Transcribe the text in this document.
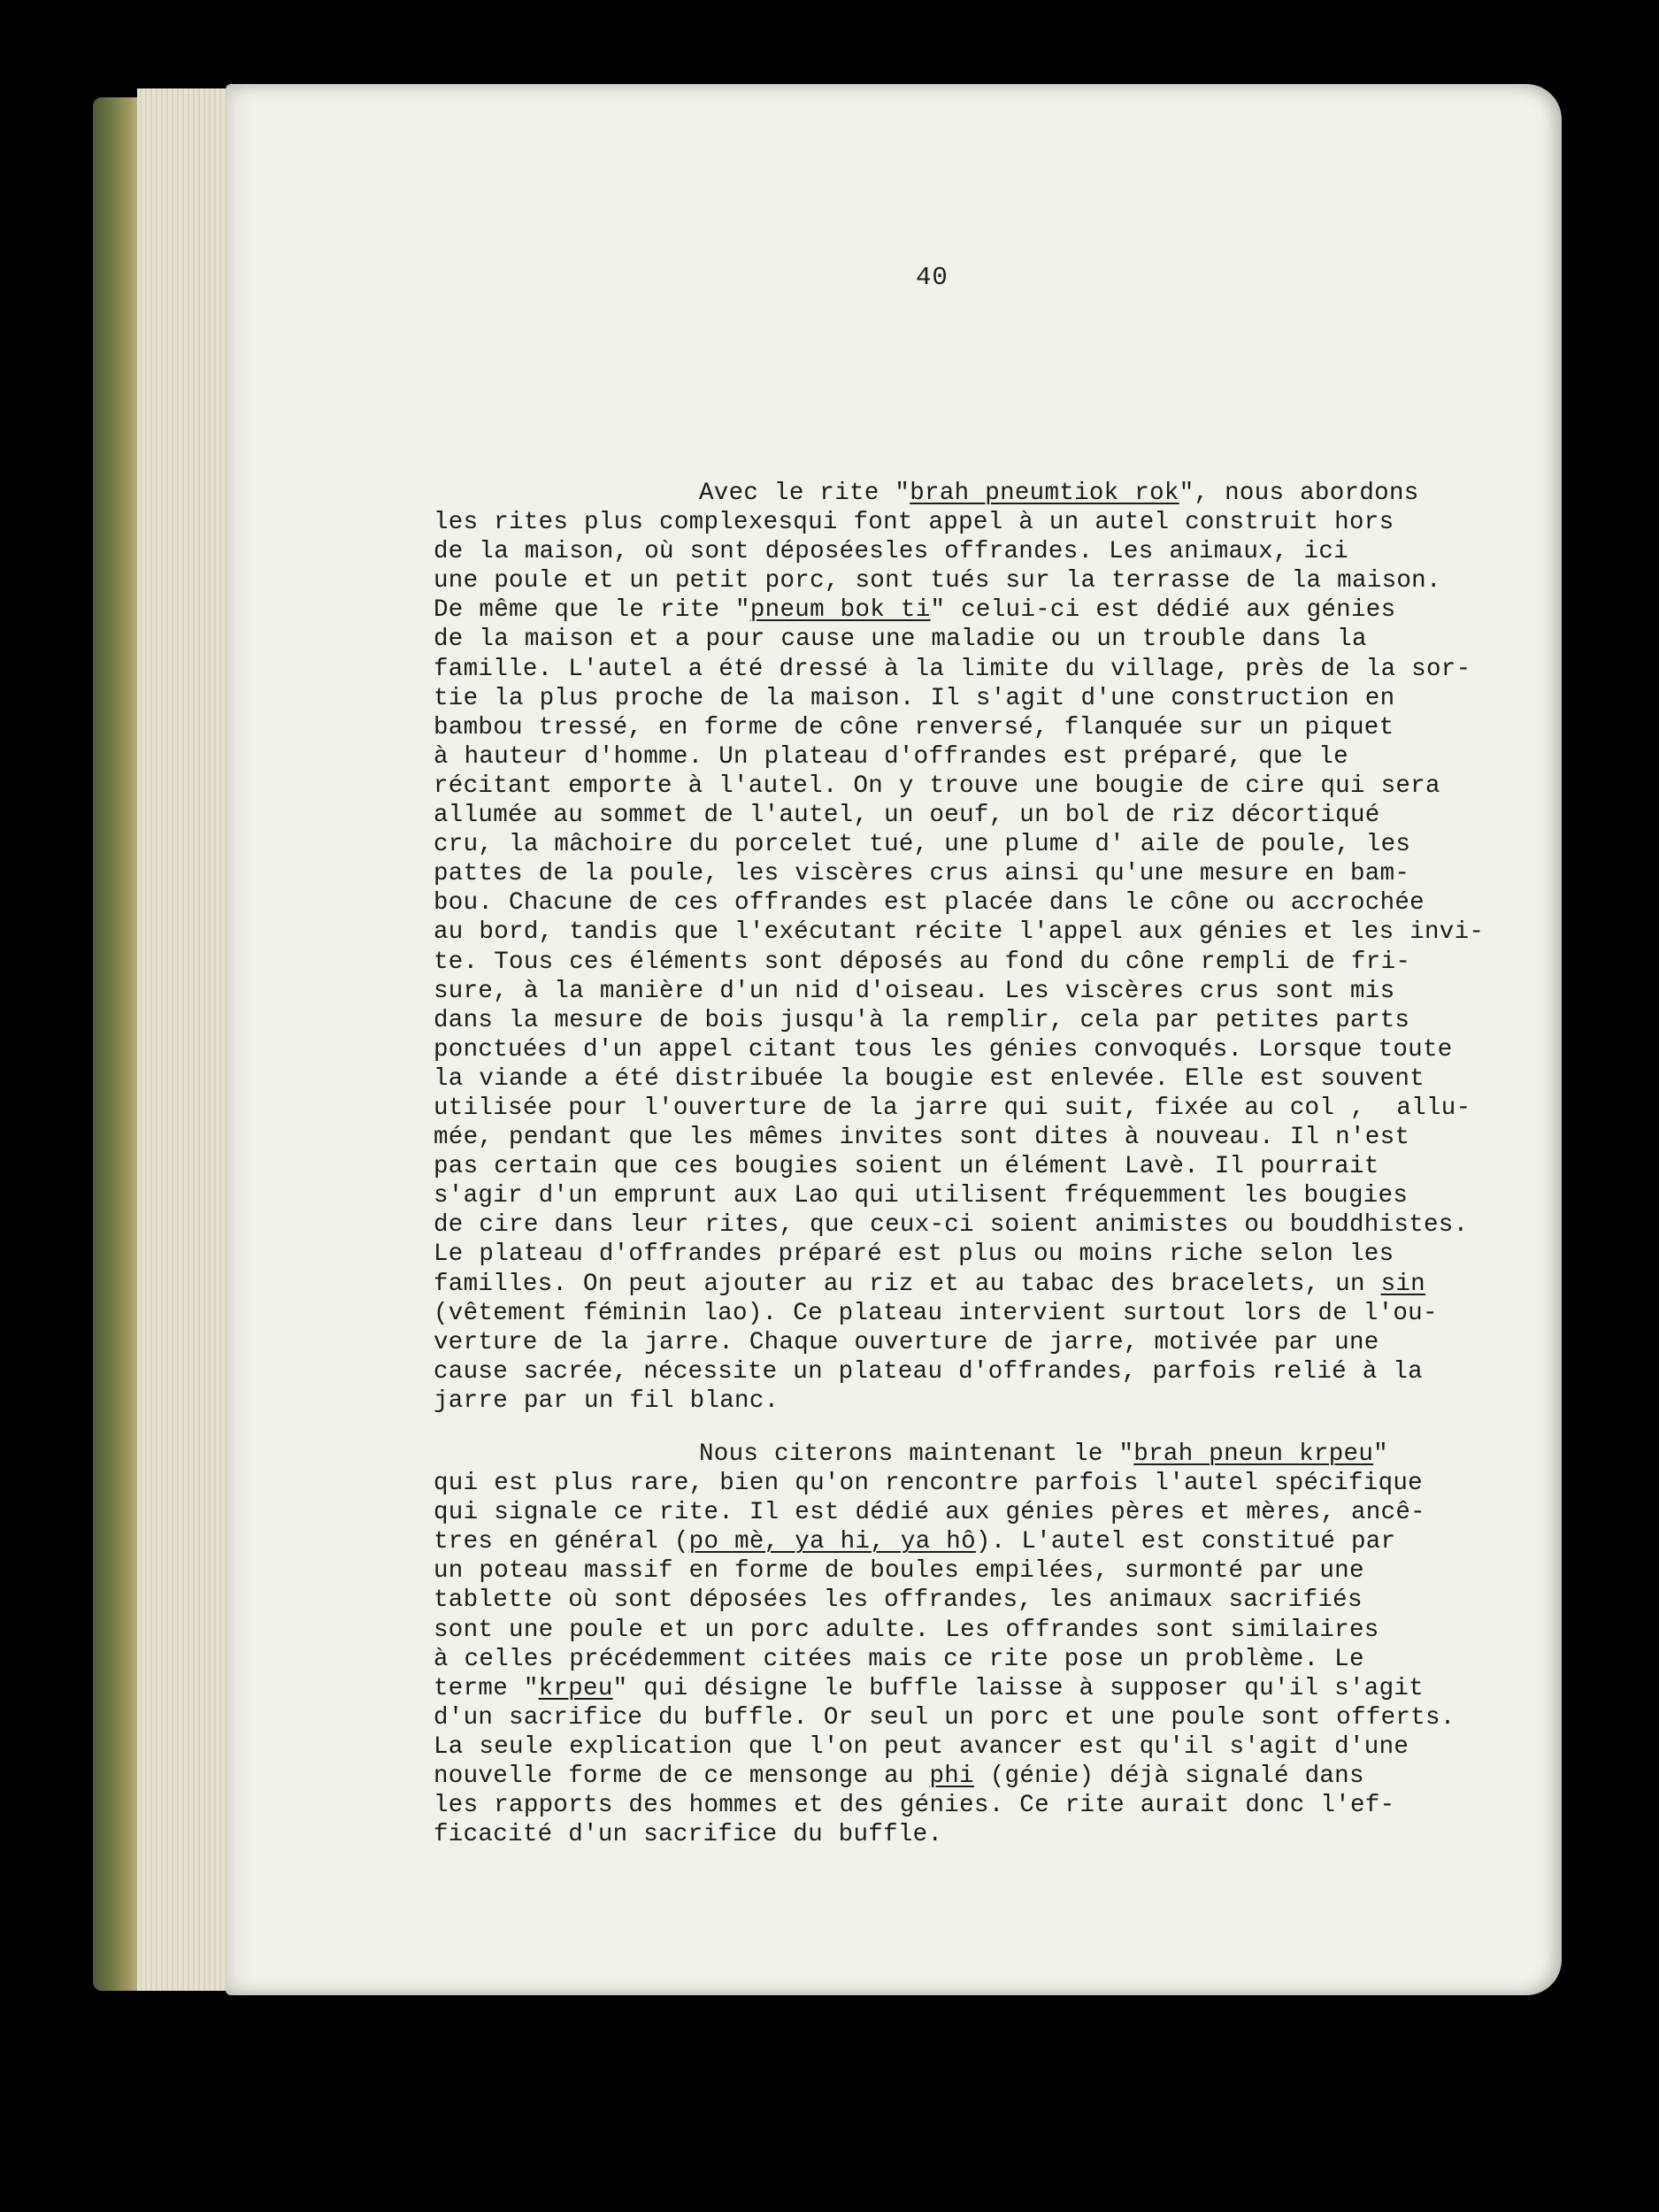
40
Avec le rite "brah pneumtiok rok", nous abordons
les rites plus complexesqui font appel à un autel construit hors
de la maison, où sont déposéesles offrandes. Les animaux, ici
une poule et un petit porc, sont tués sur la terrasse de la maison.
De même que le rite "pneum bok ti" celui-ci est dédié aux génies
de la maison et a pour cause une maladie ou un trouble dans la
famille. L'autel a été dressé à la limite du village, près de la sor-
tie la plus proche de la maison. Il s'agit d'une construction en
bambou tressé, en forme de cône renversé, flanquée sur un piquet
à hauteur d'homme. Un plateau d'offrandes est préparé, que le
récitant emporte à l'autel. On y trouve une bougie de cire qui sera
allumée au sommet de l'autel, un oeuf, un bol de riz décortiqué
cru, la mâchoire du porcelet tué, une plume d' aile de poule, les
pattes de la poule, les viscères crus ainsi qu'une mesure en bam-
bou. Chacune de ces offrandes est placée dans le cône ou accrochée
au bord, tandis que l'exécutant récite l'appel aux génies et les invi-
te. Tous ces éléments sont déposés au fond du cône rempli de fri-
sure, à la manière d'un nid d'oiseau. Les viscères crus sont mis
dans la mesure de bois jusqu'à la remplir, cela par petites parts
ponctuées d'un appel citant tous les génies convoqués. Lorsque toute
la viande a été distribuée la bougie est enlevée. Elle est souvent
utilisée pour l'ouverture de la jarre qui suit, fixée au col ,  allu-
mée, pendant que les mêmes invites sont dites à nouveau. Il n'est
pas certain que ces bougies soient un élément Lavè. Il pourrait
s'agir d'un emprunt aux Lao qui utilisent fréquemment les bougies
de cire dans leur rites, que ceux-ci soient animistes ou bouddhistes.
Le plateau d'offrandes préparé est plus ou moins riche selon les
familles. On peut ajouter au riz et au tabac des bracelets, un sin
(vêtement féminin lao). Ce plateau intervient surtout lors de l'ou-
verture de la jarre. Chaque ouverture de jarre, motivée par une
cause sacrée, nécessite un plateau d'offrandes, parfois relié à la
jarre par un fil blanc.
Nous citerons maintenant le "brah pneun krpeu"
qui est plus rare, bien qu'on rencontre parfois l'autel spécifique
qui signale ce rite. Il est dédié aux génies pères et mères, ancê-
tres en général (po mè, ya hi, ya hô). L'autel est constitué par
un poteau massif en forme de boules empilées, surmonté par une
tablette où sont déposées les offrandes, les animaux sacrifiés
sont une poule et un porc adulte. Les offrandes sont similaires
à celles précédemment citées mais ce rite pose un problème. Le
terme "krpeu" qui désigne le buffle laisse à supposer qu'il s'agit
d'un sacrifice du buffle. Or seul un porc et une poule sont offerts.
La seule explication que l'on peut avancer est qu'il s'agit d'une
nouvelle forme de ce mensonge au phi (génie) déjà signalé dans
les rapports des hommes et des génies. Ce rite aurait donc l'ef-
ficacité d'un sacrifice du buffle.
